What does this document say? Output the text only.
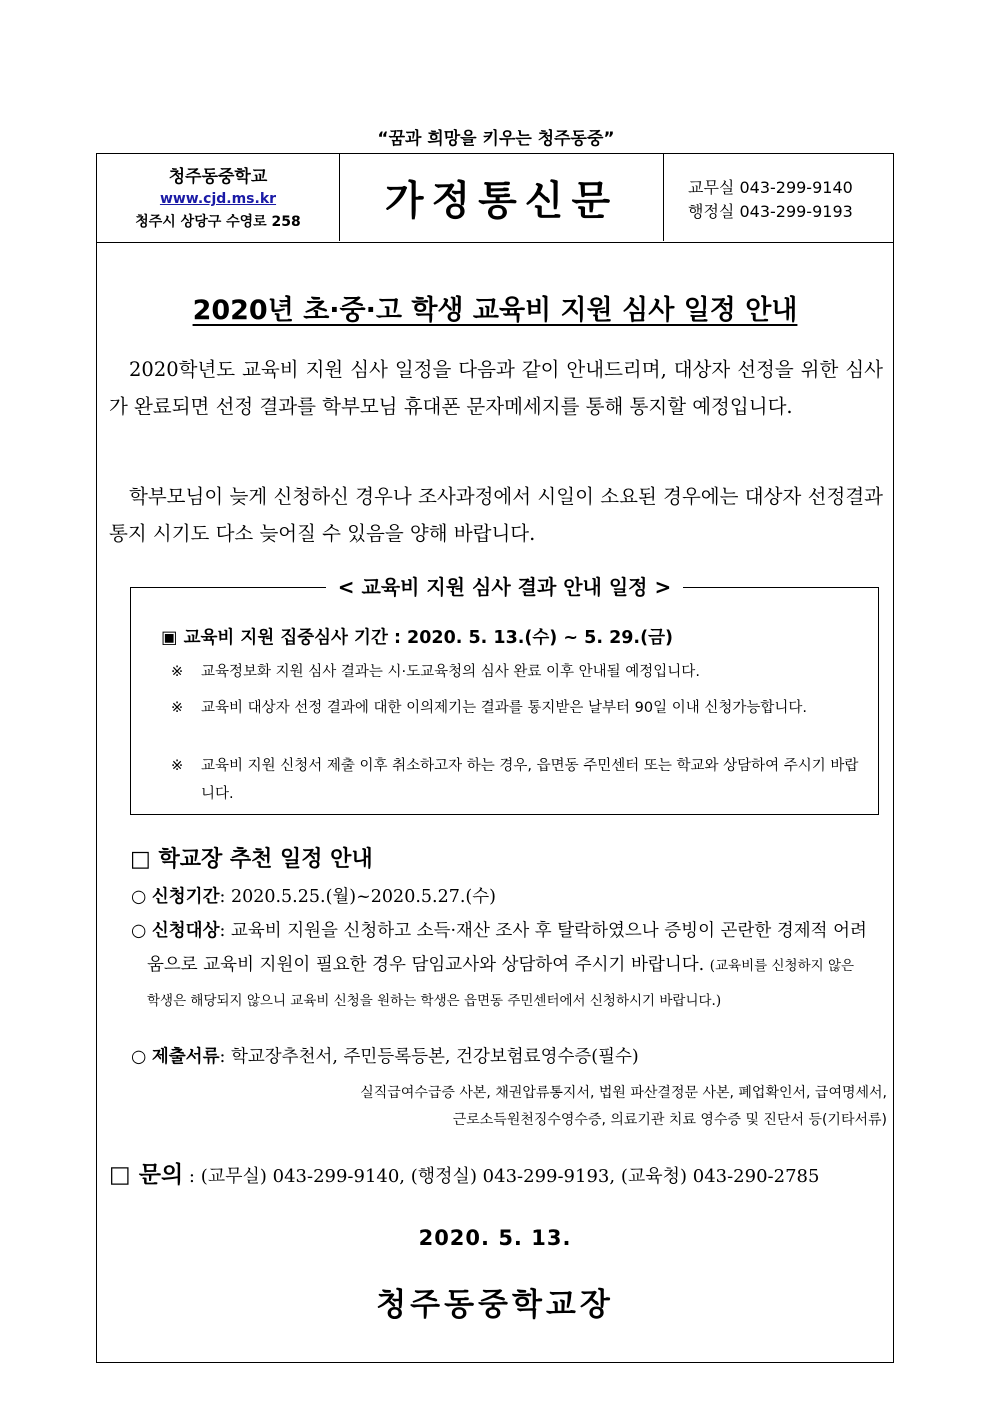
“꿈과 희망을 키우는 청주동중”
청주동중학교
www.cjd.ms.kr
청주시 상당구 수영로 258	가정통신문	교무실 043-299-9140
행정실 043-299-9193
2020년 초·중·고 학생 교육비 지원 심사 일정 안내
2020학년도 교육비 지원 심사 일정을 다음과 같이 안내드리며, 대상자 선정을 위한 심사가 완료되면 선정 결과를 학부모님 휴대폰 문자메세지를 통해 통지할 예정입니다.
학부모님이 늦게 신청하신 경우나 조사과정에서 시일이 소요된 경우에는 대상자 선정결과 통지 시기도 다소 늦어질 수 있음을 양해 바랍니다.
< 교육비 지원 심사 결과 안내 일정 >
▣ 교육비 지원 집중심사 기간 : 2020. 5. 13.(수) ~ 5. 29.(금)
※	교육정보화 지원 심사 결과는 시·도교육청의 심사 완료 이후 안내될 예정입니다.
※	교육비 대상자 선정 결과에 대한 이의제기는 결과를 통지받은 날부터 90일 이내 신청가능합니다.
※	교육비 지원 신청서 제출 이후 취소하고자 하는 경우, 읍면동 주민센터 또는 학교와 상담하여 주시기 바랍니다.
□ 학교장 추천 일정 안내
○ 신청기간: 2020.5.25.(월)~2020.5.27.(수)
○ 신청대상: 교육비 지원을 신청하고 소득·재산 조사 후 탈락하였으나 증빙이 곤란한 경제적 어려움으로 교육비 지원이 필요한 경우 담임교사와 상담하여 주시기 바랍니다. (교육비를 신청하지 않은 학생은 해당되지 않으니 교육비 신청을 원하는 학생은 읍면동 주민센터에서 신청하시기 바랍니다.)
○ 제출서류: 학교장추천서, 주민등록등본, 건강보험료영수증(필수)
실직급여수급증 사본, 채권압류통지서, 법원 파산결정문 사본, 폐업확인서, 급여명세서,
근로소득원천징수영수증, 의료기관 치료 영수증 및 진단서 등(기타서류)
□ 문의 : (교무실) 043-299-9140, (행정실) 043-299-9193, (교육청) 043-290-2785
2020. 5. 13.
청주동중학교장
